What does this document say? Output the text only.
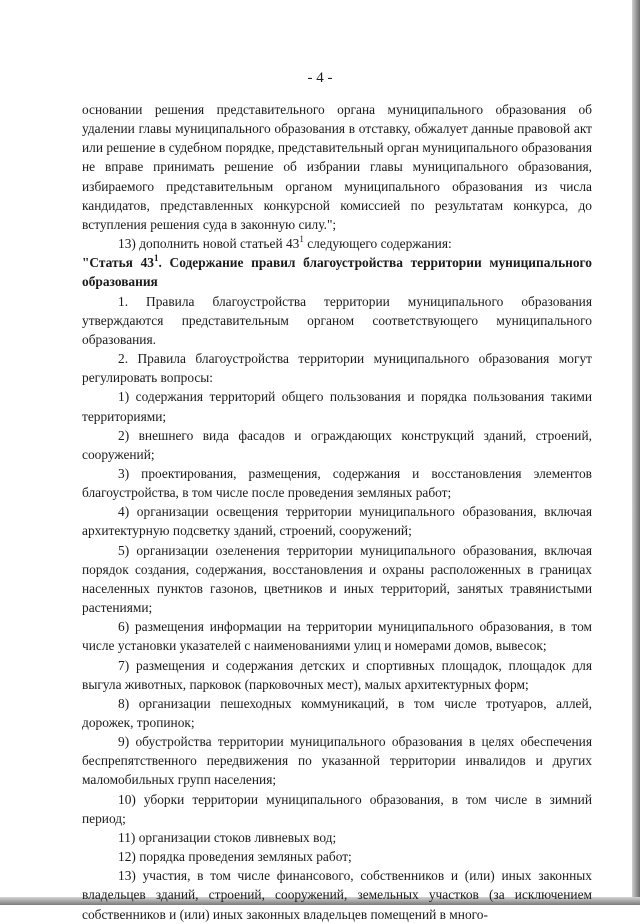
- 4 -

основании решения представительного органа муниципального образования об удалении главы муниципального образования в отставку, обжалует данные правовой акт или решение в судебном порядке, представительный орган муниципального образования не вправе принимать решение об избрании главы муниципального образования, избираемого представительным органом муниципального образования из числа кандидатов, представленных конкурсной комиссией по результатам конкурса, до вступления решения суда в законную силу.";

13) дополнить новой статьей $43^1$ следующего содержания:

"Статья $43^1$. Содержание правил благоустройства территории муниципального образования

1. Правила благоустройства территории муниципального образования утверждаются представительным органом соответствующего муниципального образования.

2. Правила благоустройства территории муниципального образования могут регулировать вопросы:

1) содержания территорий общего пользования и порядка пользования такими территориями;

2) внешнего вида фасадов и ограждающих конструкций зданий, строений, сооружений;

3) проектирования, размещения, содержания и восстановления элементов благоустройства, в том числе после проведения земляных работ;

4) организации освещения территории муниципального образования, включая архитектурную подсветку зданий, строений, сооружений;

5) организации озеленения территории муниципального образования, включая порядок создания, содержания, восстановления и охраны расположенных в границах населенных пунктов газонов, цветников и иных территорий, занятых травянистыми растениями;

6) размещения информации на территории муниципального образования, в том числе установки указателей с наименованиями улиц и номерами домов, вывесок;

7) размещения и содержания детских и спортивных площадок, площадок для выгула животных, парковок (парковочных мест), малых архитектурных форм;

8) организации пешеходных коммуникаций, в том числе тротуаров, аллей, дорожек, тропинок;

9) обустройства территории муниципального образования в целях обеспечения беспрепятственного передвижения по указанной территории инвалидов и других маломобильных групп населения;

10) уборки территории муниципального образования, в том числе в зимний период;

11) организации стоков ливневых вод;

12) порядка проведения земляных работ;

13) участия, в том числе финансового, собственников и (или) иных законных владельцев зданий, строений, сооружений, земельных участков (за исключением собственников и (или) иных законных владельцев помещений в много-
